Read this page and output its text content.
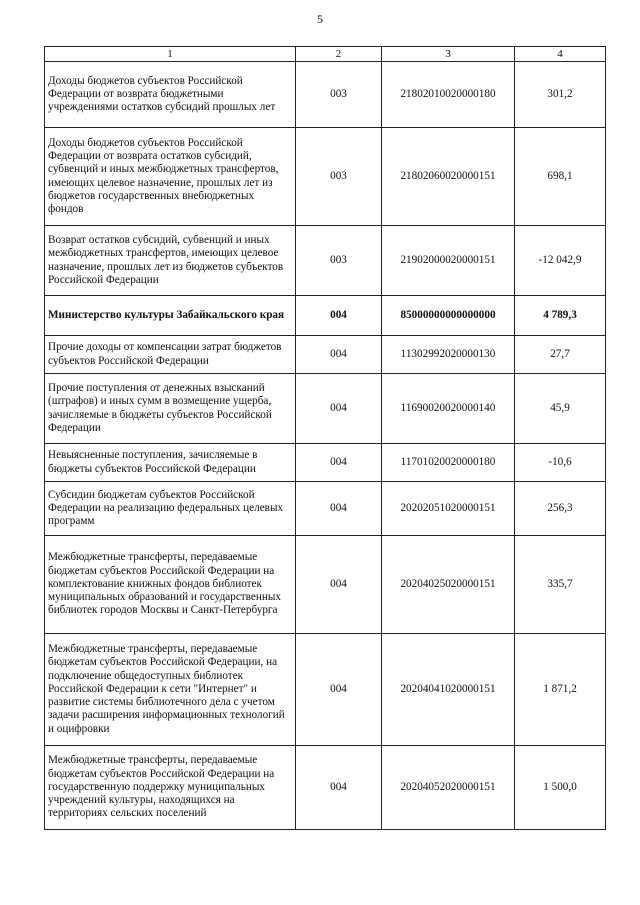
5
1	2	3	4
Доходы бюджетов субъектов Российской Федерации от возврата бюджетными учреждениями остатков субсидий прошлых лет	003	21802010020000180	301,2
Доходы бюджетов субъектов Российской Федерации от возврата остатков субсидий, субвенций и иных межбюджетных трансфертов, имеющих целевое назначение, прошлых лет из бюджетов государственных внебюджетных фондов	003	21802060020000151	698,1
Возврат остатков субсидий, субвенций и иных межбюджетных трансфертов, имеющих целевое назначение, прошлых лет из бюджетов субъектов Российской Федерации	003	21902000020000151	-12 042,9
Министерство культуры Забайкальского края	004	85000000000000000	4 789,3
Прочие доходы от компенсации затрат бюджетов субъектов Российской Федерации	004	11302992020000130	27,7
Прочие поступления от денежных взысканий (штрафов) и иных сумм в возмещение ущерба, зачисляемые в бюджеты субъектов Российской Федерации	004	11690020020000140	45,9
Невыясненные поступления, зачисляемые в бюджеты субъектов Российской Федерации	004	11701020020000180	-10,6
Субсидии бюджетам субъектов Российской Федерации на реализацию федеральных целевых программ	004	20202051020000151	256,3
Межбюджетные трансферты, передаваемые бюджетам субъектов Российской Федерации на комплектование книжных фондов библиотек муниципальных образований и государственных библиотек городов Москвы и Санкт-Петербурга	004	20204025020000151	335,7
Межбюджетные трансферты, передаваемые бюджетам субъектов Российской Федерации, на подключение общедоступных библиотек Российской Федерации к сети "Интернет" и развитие системы библиотечного дела с учетом задачи расширения информационных технологий и оцифровки	004	20204041020000151	1 871,2
Межбюджетные трансферты, передаваемые бюджетам субъектов Российской Федерации на государственную поддержку муниципальных учреждений культуры, находящихся на территориях сельских поселений	004	20204052020000151	1 500,0
